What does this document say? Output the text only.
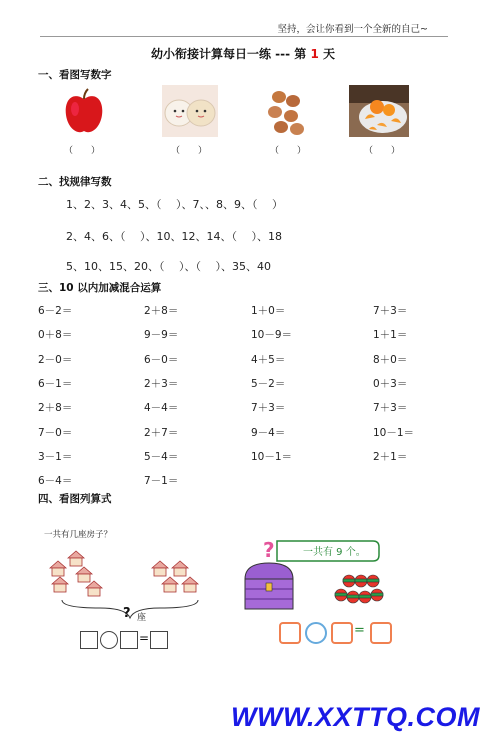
坚持，会让你看到一个全新的自己~
幼小衔接计算每日一练 --- 第 1 天
一、看图写数字
（　　）	（　　）	（　　）	（　　）
二、找规律写数
1、2、3、4、5、（　 ）、7、、8、9、（　 ）
2、4、6、（　 ）、10、12、14、（　 ）、18
5、10、15、20、（　 ）、（　 ）、35、40
三、10 以内加减混合运算
6－2＝	2＋8＝	1＋0＝	7＋3＝
0＋8＝	9－9＝	10－9＝	1＋1＝
2－0＝	6－0＝	4＋5＝	8＋0＝
6－1＝	2＋3＝	5－2＝	0＋3＝
2＋8＝	4－4＝	7＋3＝	7＋3＝
7－0＝	2＋7＝	9－4＝	10－1＝
3－1＝	5－4＝	10－1＝	2＋1＝
6－4＝	7－1＝
四、看图列算式
一共有几座房子？
? 座
=
?	一共有 9 个。
=
WWW.XXTTQ.COM
